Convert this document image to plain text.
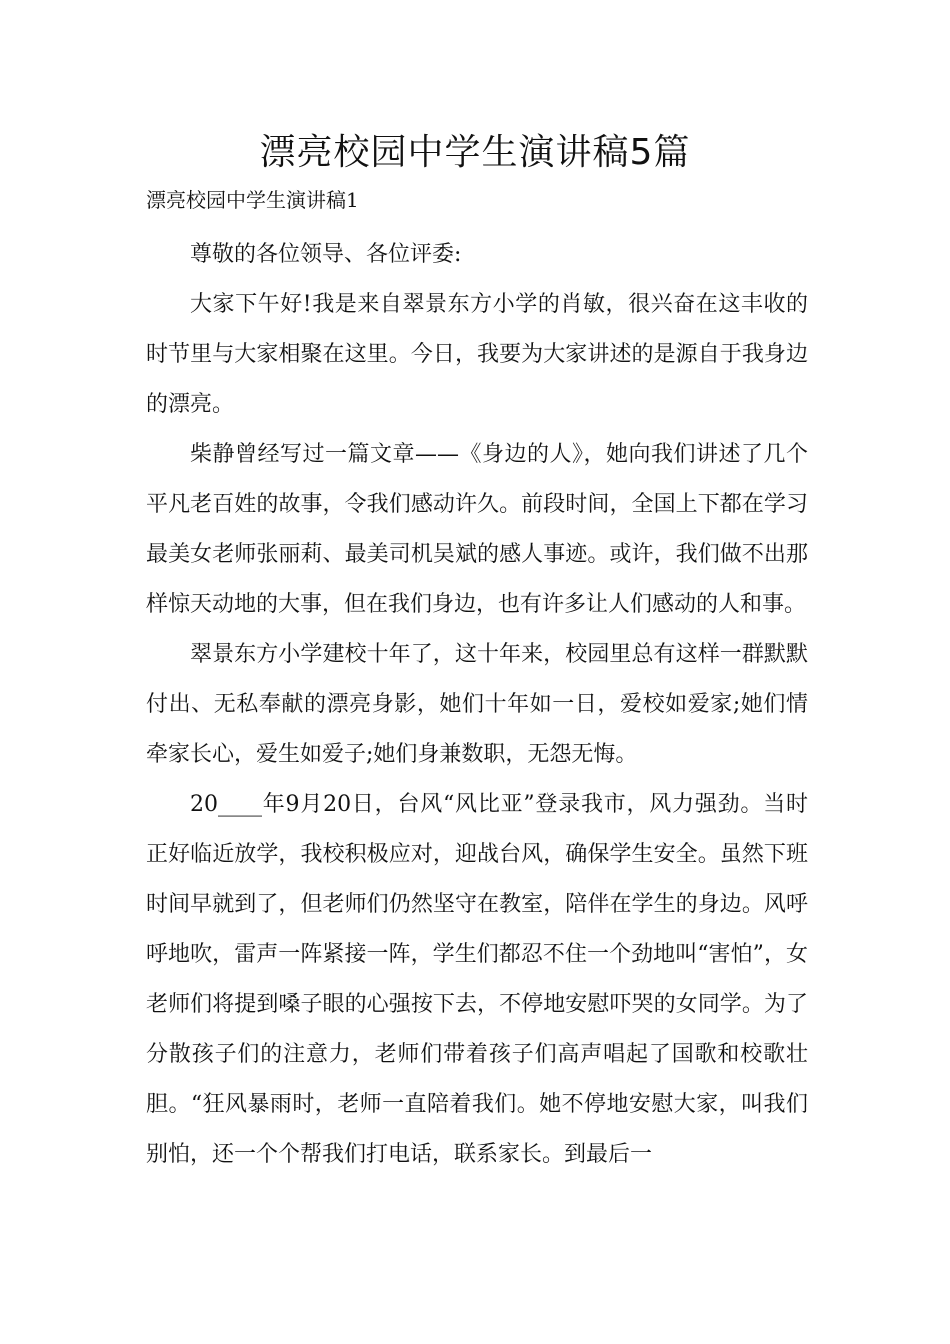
漂亮校园中学生演讲稿5篇

漂亮校园中学生演讲稿1

尊敬的各位领导、各位评委:

大家下午好!我是来自翠景东方小学的肖敏，很兴奋在这丰收的时节里与大家相聚在这里。今日，我要为大家讲述的是源自于我身边的漂亮。

柴静曾经写过一篇文章——《身边的人》，她向我们讲述了几个平凡老百姓的故事，令我们感动许久。前段时间，全国上下都在学习最美女老师张丽莉、最美司机吴斌的感人事迹。或许，我们做不出那样惊天动地的大事，但在我们身边，也有许多让人们感动的人和事。

翠景东方小学建校十年了，这十年来，校园里总有这样一群默默付出、无私奉献的漂亮身影，她们十年如一日，爱校如爱家;她们情牵家长心，爱生如爱子;她们身兼数职，无怨无悔。

20____年9月20日，台风“风比亚”登录我市，风力强劲。当时正好临近放学，我校积极应对，迎战台风，确保学生安全。虽然下班时间早就到了，但老师们仍然坚守在教室，陪伴在学生的身边。风呼呼地吹，雷声一阵紧接一阵，学生们都忍不住一个劲地叫“害怕”，女老师们将提到嗓子眼的心强按下去，不停地安慰吓哭的女同学。为了分散孩子们的注意力，老师们带着孩子们高声唱起了国歌和校歌壮胆。“狂风暴雨时，老师一直陪着我们。她不停地安慰大家，叫我们别怕，还一个个帮我们打电话，联系家长。到最后一
